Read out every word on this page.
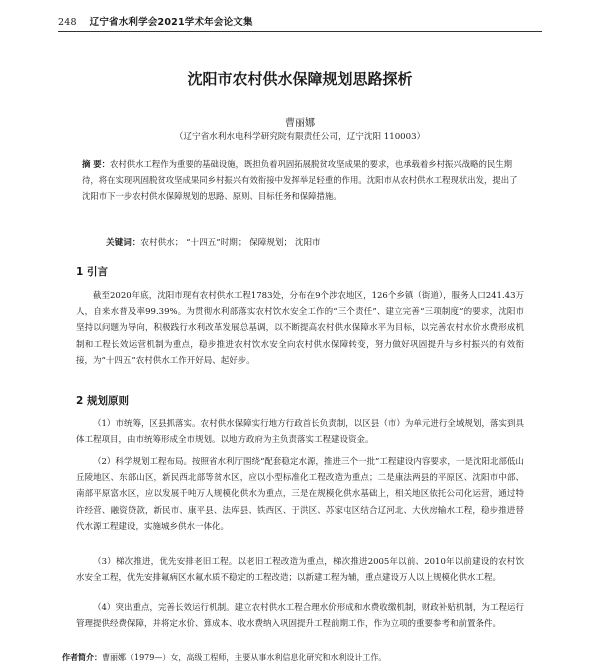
248 辽宁省水利学会2021学术年会论文集
沈阳市农村供水保障规划思路探析
曹丽娜
（辽宁省水利水电科学研究院有限责任公司，辽宁沈阳 110003）
摘 要：农村供水工程作为重要的基础设施，既担负着巩固拓展脱贫攻坚成果的要求，也承载着乡村振兴战略的民生期待，将在实现巩固脱贫攻坚成果同乡村振兴有效衔接中发挥举足轻重的作用。沈阳市从农村供水工程现状出发，提出了沈阳市下一步农村供水保障规划的思路、原则、目标任务和保障措施。
关键词：农村供水； “十四五”时期； 保障规划； 沈阳市
1 引言
截至2020年底，沈阳市现有农村供水工程1783处，分布在9个涉农地区，126个乡镇（街道），服务人口241.43万人，自来水普及率99.39%。为贯彻水利部落实农村饮水安全工作的“三个责任”、建立完善“三项制度”的要求，沈阳市坚持以问题为导向，积极践行水利改革发展总基调，以不断提高农村供水保障水平为目标，以完善农村水价水费形成机制和工程长效运营机制为重点，稳步推进农村饮水安全向农村供水保障转变，努力做好巩固提升与乡村振兴的有效衔接，为“十四五”农村供水工作开好局、起好步。
2 规划原则
（1）市统筹，区县抓落实。农村供水保障实行地方行政首长负责制，以区县（市）为单元进行全域规划，落实到具体工程项目，由市统筹形成全市规划。以地方政府为主负责落实工程建设资金。
（2）科学规划工程布局。按照省水利厅围绕“配套稳定水源，推进三个一批”工程建设内容要求，一是沈阳北部低山丘陵地区、东部山区，新民西北部等贫水区，应以小型标准化工程改造为重点；二是康法两县的平原区、沈阳市中部、南部平原富水区，应以发展千吨万人规模化供水为重点，三是在规模化供水基础上，相关地区依托公司化运营，通过特许经营、融资贷款，新民市、康平县、法库县、铁西区、于洪区、苏家屯区结合辽河北、大伙房输水工程，稳步推进替代水源工程建设，实施城乡供水一体化。
（3）梯次推进，优先安排老旧工程。以老旧工程改造为重点，梯次推进2005年以前、2010年以前建设的农村饮水安全工程，优先安排氟病区水氟水质不稳定的工程改造；以新建工程为辅，重点建设万人以上规模化供水工程。
（4）突出重点，完善长效运行机制。建立农村供水工程合理水价形成和水费收缴机制，财政补贴机制，为工程运行管理提供经费保障，并将定水价、算成本、收水费纳入巩固提升工程前期工作，作为立项的重要参考和前置条件。
作者简介：曹丽娜（1979—）女，高级工程师，主要从事水利信息化研究和水利设计工作。
